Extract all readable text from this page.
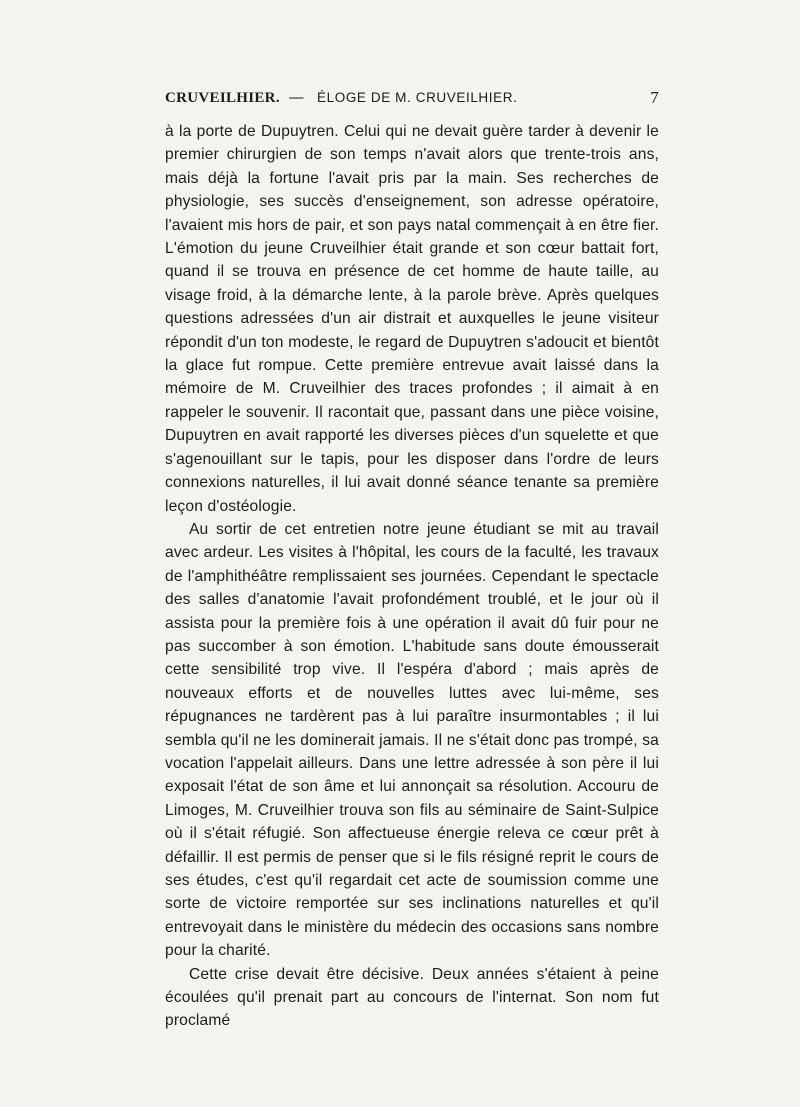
CRUVEILHIER. — ÉLOGE DE M. CRUVEILHIER.	7

à la porte de Dupuytren. Celui qui ne devait guère tarder à devenir le premier chirurgien de son temps n'avait alors que trente-trois ans, mais déjà la fortune l'avait pris par la main. Ses recherches de physiologie, ses succès d'enseignement, son adresse opératoire, l'avaient mis hors de pair, et son pays natal commençait à en être fier. L'émotion du jeune Cruveilhier était grande et son cœur battait fort, quand il se trouva en présence de cet homme de haute taille, au visage froid, à la démarche lente, à la parole brève. Après quelques questions adressées d'un air distrait et auxquelles le jeune visiteur répondit d'un ton modeste, le regard de Dupuytren s'adoucit et bientôt la glace fut rompue. Cette première entrevue avait laissé dans la mémoire de M. Cruveilhier des traces profondes ; il aimait à en rappeler le souvenir. Il racontait que, passant dans une pièce voisine, Dupuytren en avait rapporté les diverses pièces d'un squelette et que s'agenouillant sur le tapis, pour les disposer dans l'ordre de leurs connexions naturelles, il lui avait donné séance tenante sa première leçon d'ostéologie.

Au sortir de cet entretien notre jeune étudiant se mit au travail avec ardeur. Les visites à l'hôpital, les cours de la faculté, les travaux de l'amphithéâtre remplissaient ses journées. Cependant le spectacle des salles d'anatomie l'avait profondément troublé, et le jour où il assista pour la première fois à une opération il avait dû fuir pour ne pas succomber à son émotion. L'habitude sans doute émousserait cette sensibilité trop vive. Il l'espéra d'abord ; mais après de nouveaux efforts et de nouvelles luttes avec lui-même, ses répugnances ne tardèrent pas à lui paraître insurmontables ; il lui sembla qu'il ne les dominerait jamais. Il ne s'était donc pas trompé, sa vocation l'appelait ailleurs. Dans une lettre adressée à son père il lui exposait l'état de son âme et lui annonçait sa résolution. Accouru de Limoges, M. Cruveilhier trouva son fils au séminaire de Saint-Sulpice où il s'était réfugié. Son affectueuse énergie releva ce cœur prêt à défaillir. Il est permis de penser que si le fils résigné reprit le cours de ses études, c'est qu'il regardait cet acte de soumission comme une sorte de victoire remportée sur ses inclinations naturelles et qu'il entrevoyait dans le ministère du médecin des occasions sans nombre pour la charité.

Cette crise devait être décisive. Deux années s'étaient à peine écoulées qu'il prenait part au concours de l'internat. Son nom fut proclamé
